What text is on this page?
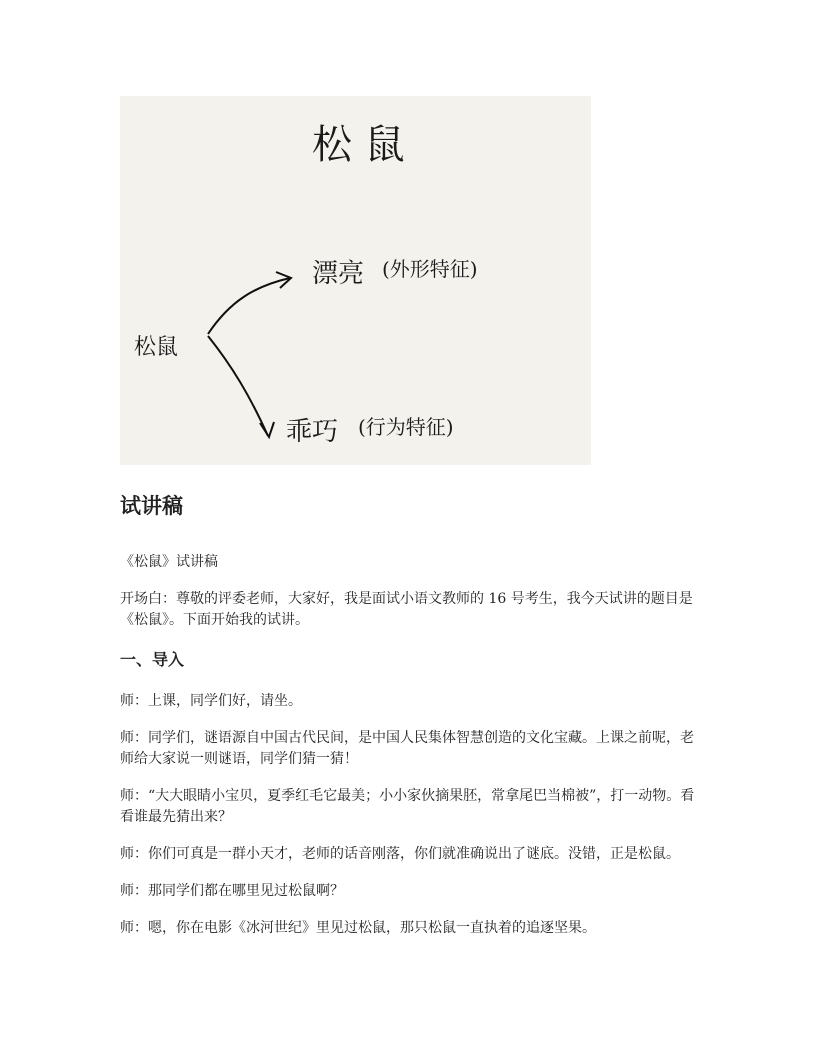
松 鼠
松鼠
漂亮 (外形特征)
乖巧 (行为特征)
试讲稿

《松鼠》试讲稿

开场白：尊敬的评委老师，大家好，我是面试小语文教师的 16 号考生，我今天试讲的题目是《松鼠》。下面开始我的试讲。

一、导入

师：上课，同学们好，请坐。

师：同学们，谜语源自中国古代民间，是中国人民集体智慧创造的文化宝藏。上课之前呢，老师给大家说一则谜语，同学们猜一猜！

师：“大大眼睛小宝贝，夏季红毛它最美；小小家伙摘果胚，常拿尾巴当棉被”，打一动物。看看谁最先猜出来？

师：你们可真是一群小天才，老师的话音刚落，你们就准确说出了谜底。没错，正是松鼠。

师：那同学们都在哪里见过松鼠啊？

师：嗯，你在电影《冰河世纪》里见过松鼠，那只松鼠一直执着的追逐坚果。
